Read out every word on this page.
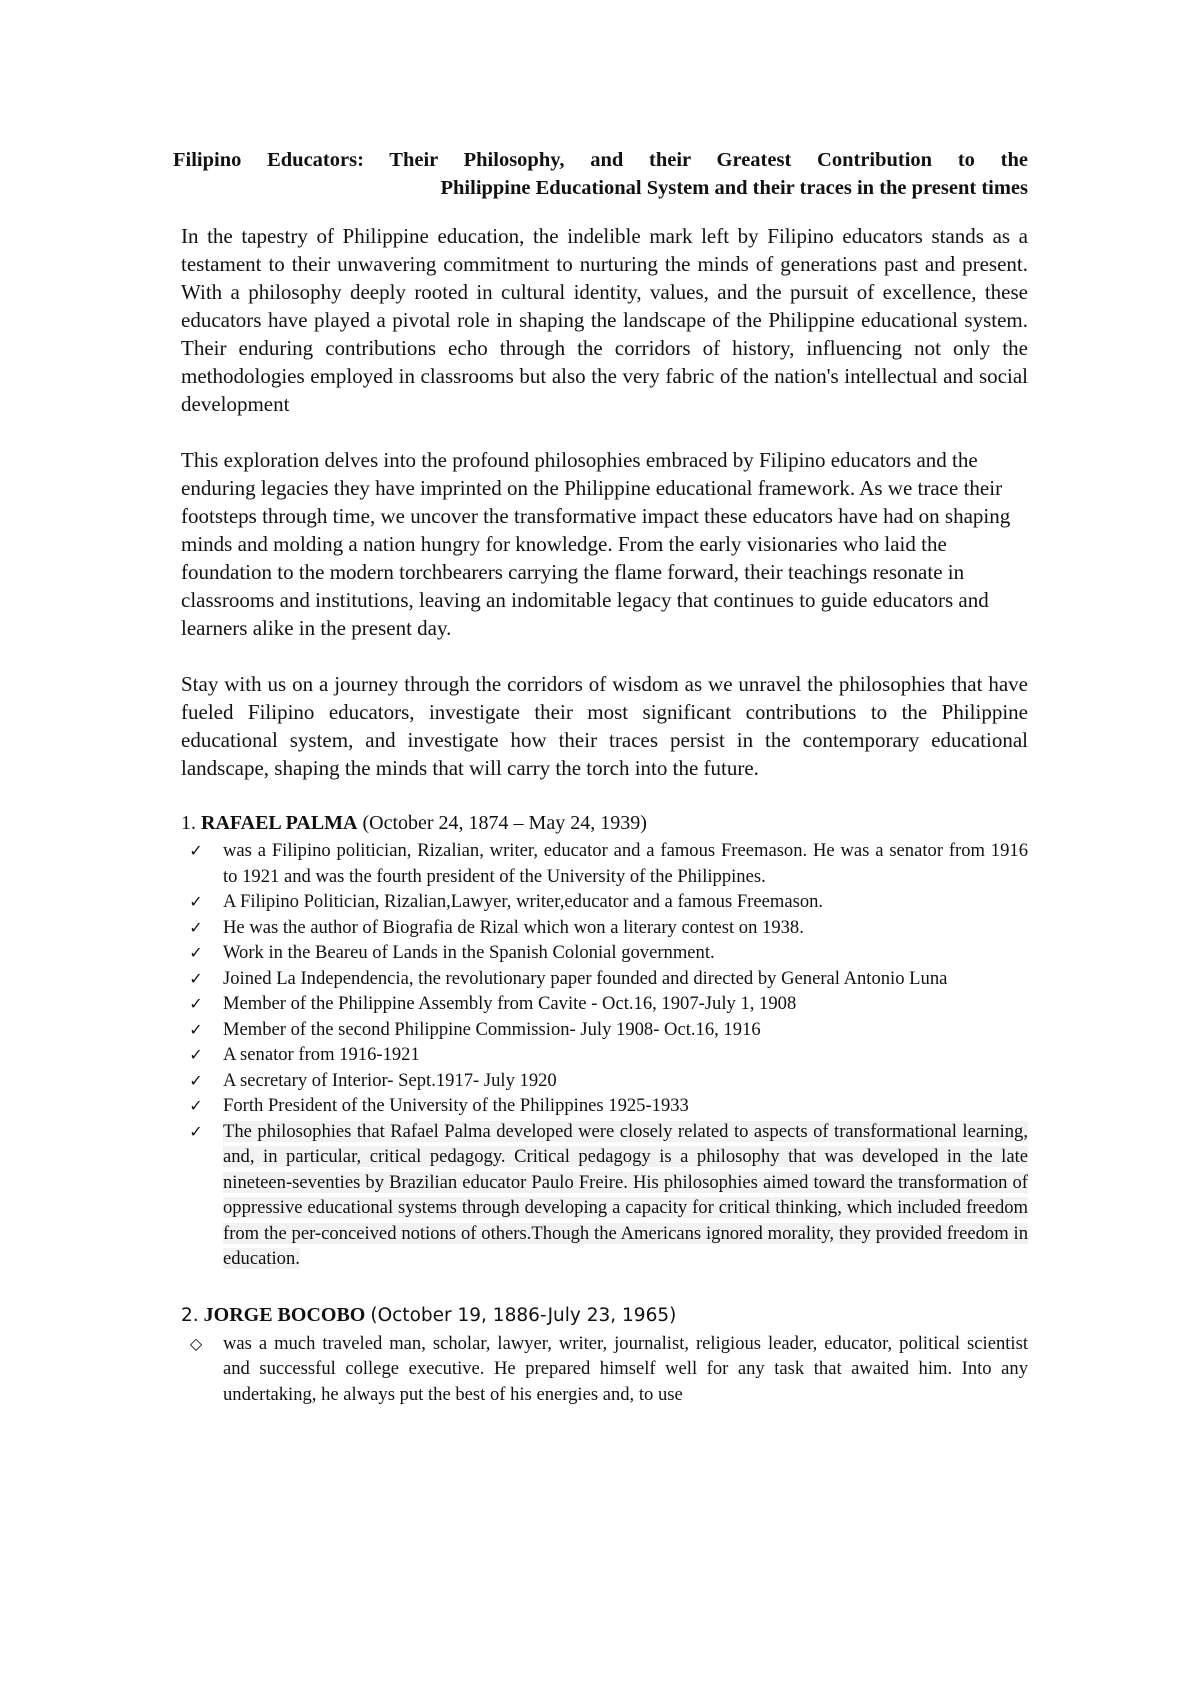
Filipino Educators: Their Philosophy, and their Greatest Contribution to the
Philippine Educational System and their traces in the present times

In the tapestry of Philippine education, the indelible mark left by Filipino educators stands as a testament to their unwavering commitment to nurturing the minds of generations past and present. With a philosophy deeply rooted in cultural identity, values, and the pursuit of excellence, these educators have played a pivotal role in shaping the landscape of the Philippine educational system. Their enduring contributions echo through the corridors of history, influencing not only the methodologies employed in classrooms but also the very fabric of the nation's intellectual and social development

This exploration delves into the profound philosophies embraced by Filipino educators and the enduring legacies they have imprinted on the Philippine educational framework. As we trace their footsteps through time, we uncover the transformative impact these educators have had on shaping minds and molding a nation hungry for knowledge. From the early visionaries who laid the foundation to the modern torchbearers carrying the flame forward, their teachings resonate in classrooms and institutions, leaving an indomitable legacy that continues to guide educators and learners alike in the present day.

Stay with us on a journey through the corridors of wisdom as we unravel the philosophies that have fueled Filipino educators, investigate their most significant contributions to the Philippine educational system, and investigate how their traces persist in the contemporary educational landscape, shaping the minds that will carry the torch into the future.

1. RAFAEL PALMA (October 24, 1874 – May 24, 1939)
✓ was a Filipino politician, Rizalian, writer, educator and a famous Freemason. He was a senator from 1916 to 1921 and was the fourth president of the University of the Philippines.
✓ A Filipino Politician, Rizalian,Lawyer, writer,educator and a famous Freemason.
✓ He was the author of Biografia de Rizal which won a literary contest on 1938.
✓ Work in the Beareu of Lands in the Spanish Colonial government.
✓ Joined La Independencia, the revolutionary paper founded and directed by General Antonio Luna
✓ Member of the Philippine Assembly from Cavite - Oct.16, 1907-July 1, 1908
✓ Member of the second Philippine Commission- July 1908- Oct.16, 1916
✓ A senator from 1916-1921
✓ A secretary of Interior- Sept.1917- July 1920
✓ Forth President of the University of the Philippines 1925-1933
✓ The philosophies that Rafael Palma developed were closely related to aspects of transformational learning, and, in particular, critical pedagogy. Critical pedagogy is a philosophy that was developed in the late nineteen-seventies by Brazilian educator Paulo Freire. His philosophies aimed toward the transformation of oppressive educational systems through developing a capacity for critical thinking, which included freedom from the per-conceived notions of others.Though the Americans ignored morality, they provided freedom in education.
2. JORGE BOCOBO (October 19, 1886-July 23, 1965)
◇	was a much traveled man, scholar, lawyer, writer, journalist, religious leader, educator, political scientist and successful college executive. He prepared himself well for any task that awaited him. Into any undertaking, he always put the best of his energies and, to use
